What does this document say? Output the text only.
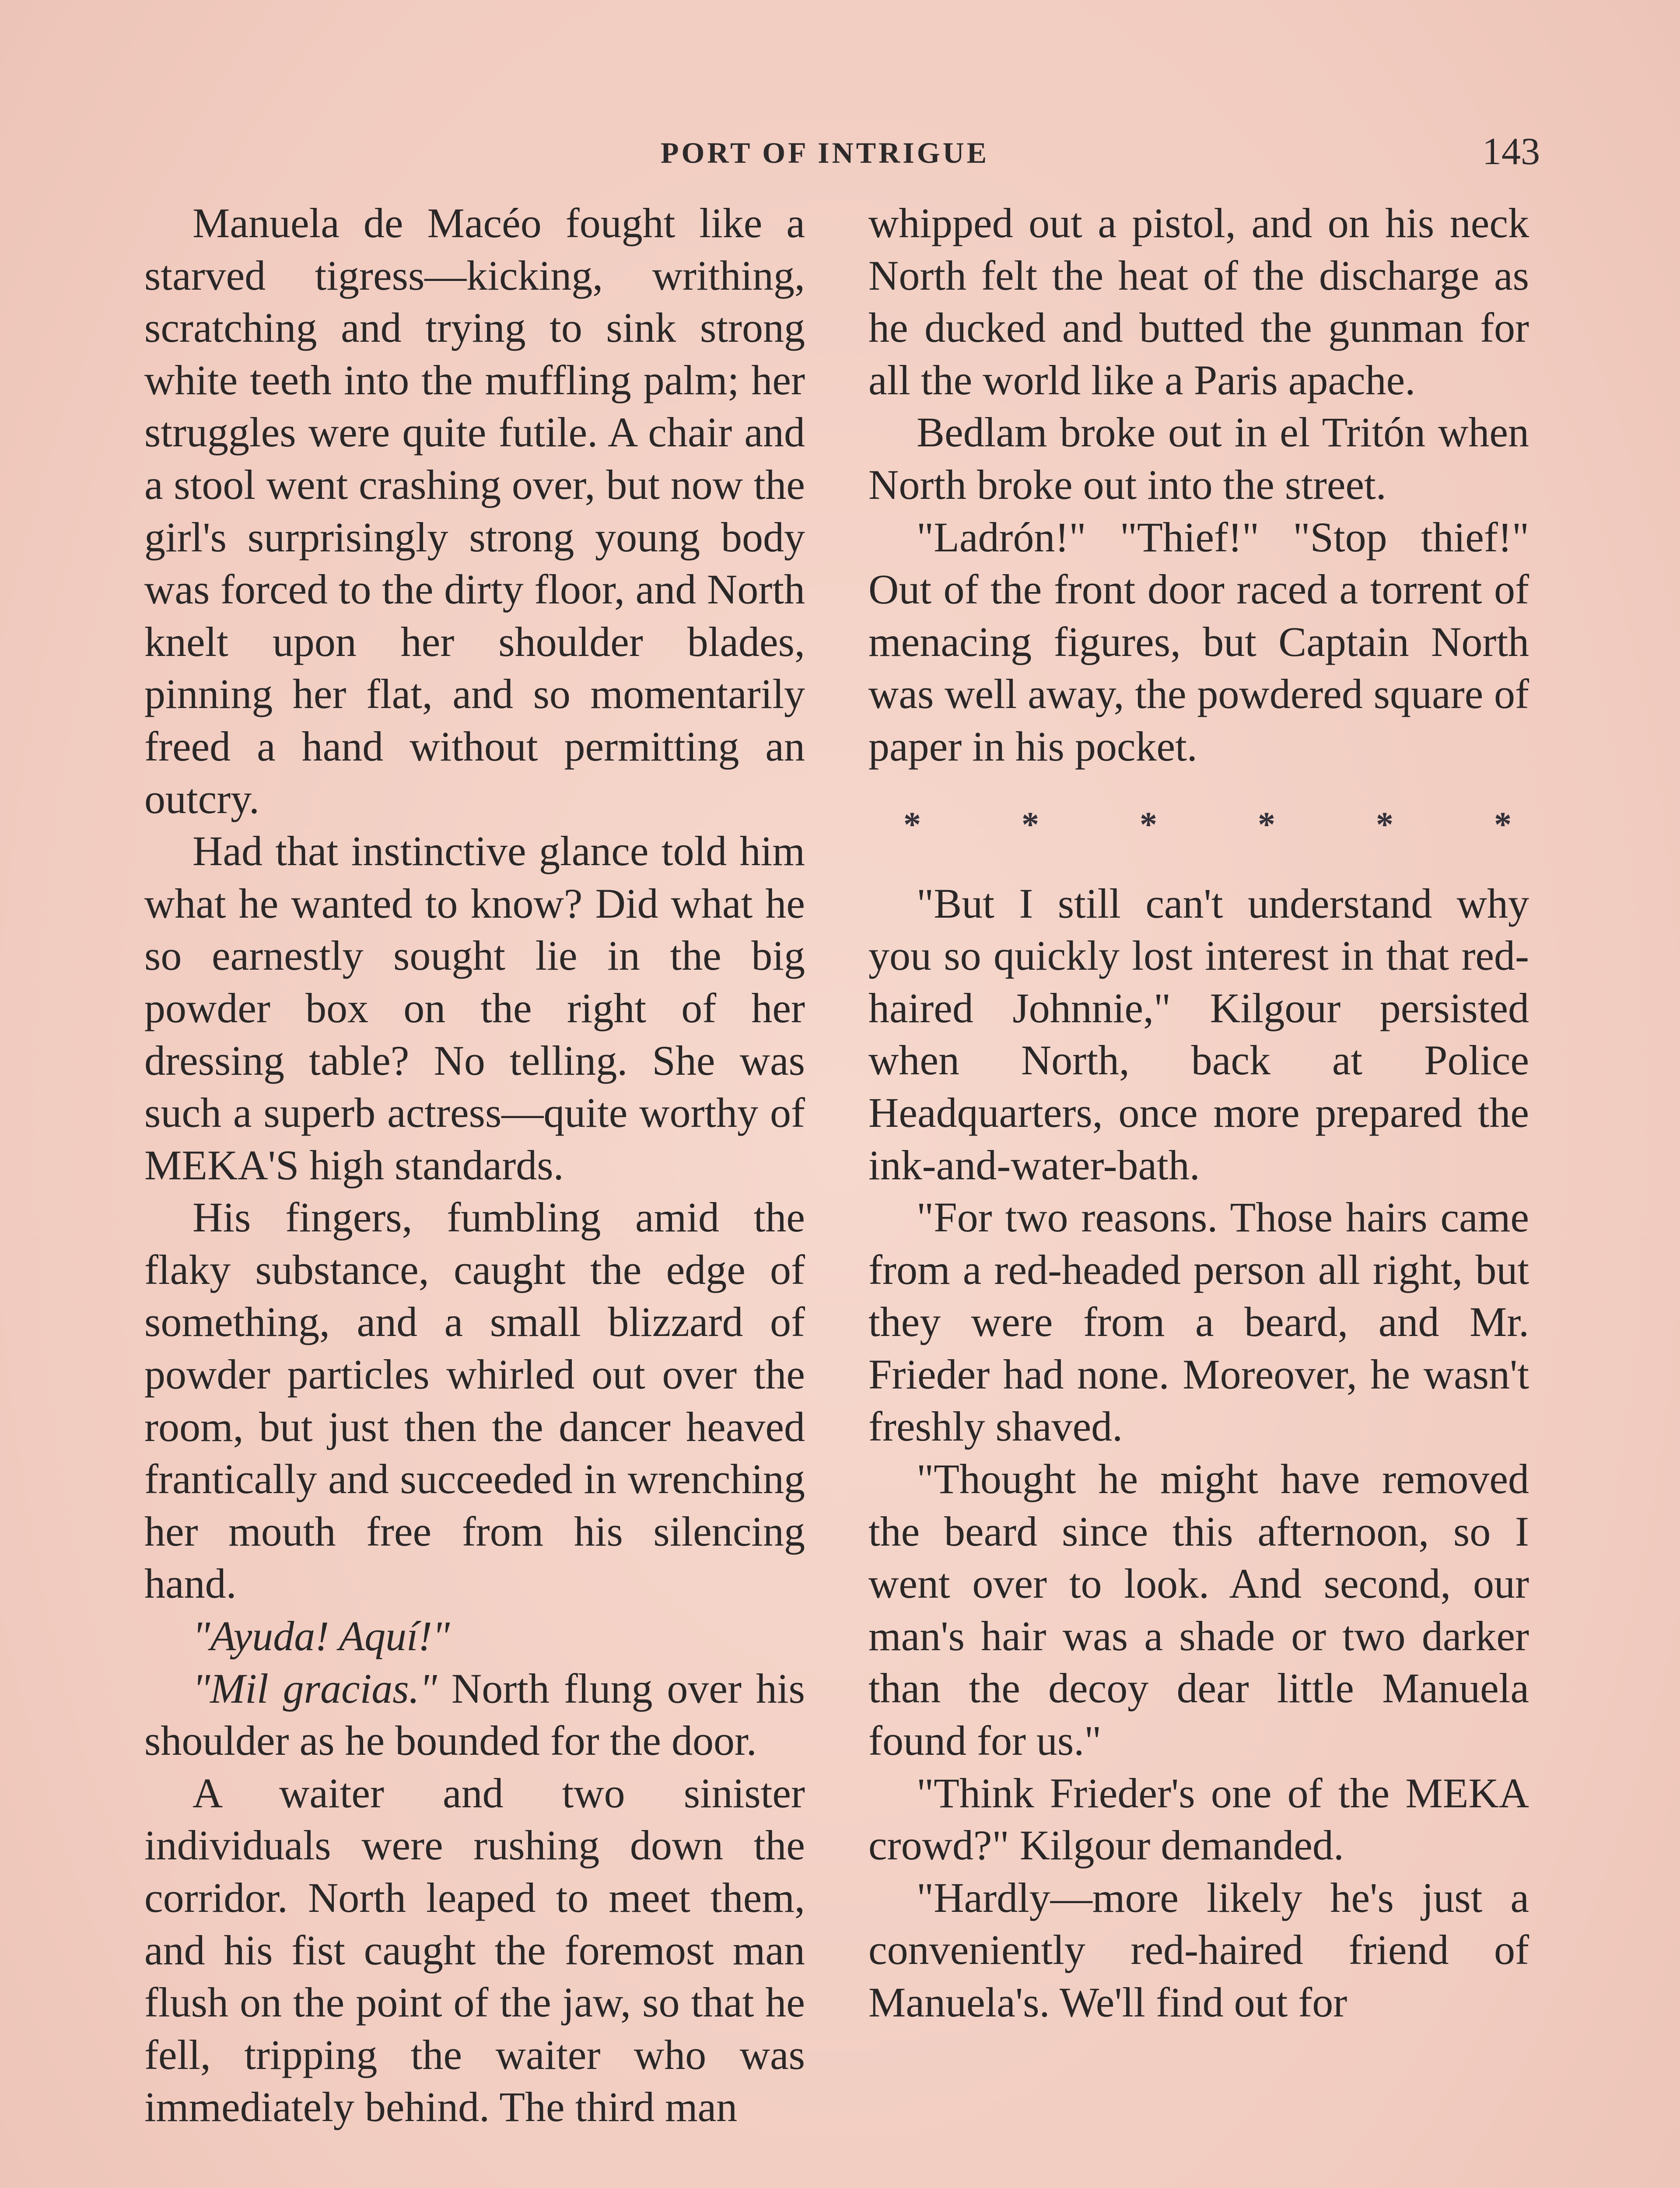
PORT OF INTRIGUE	143

Manuela de Macéo fought like a starved tigress—kicking, writhing, scratching and trying to sink strong white teeth into the muffling palm; her struggles were quite futile. A chair and a stool went crashing over, but now the girl's surprisingly strong young body was forced to the dirty floor, and North knelt upon her shoulder blades, pinning her flat, and so momentarily freed a hand without permitting an outcry.

Had that instinctive glance told him what he wanted to know? Did what he so earnestly sought lie in the big powder box on the right of her dressing table? No telling. She was such a superb actress—quite worthy of MEKA'S high standards.

His fingers, fumbling amid the flaky substance, caught the edge of something, and a small blizzard of powder particles whirled out over the room, but just then the dancer heaved frantically and succeeded in wrenching her mouth free from his silencing hand.

"Ayuda! Aquí!"

"Mil gracias." North flung over his shoulder as he bounded for the door.

A waiter and two sinister individuals were rushing down the corridor. North leaped to meet them, and his fist caught the foremost man flush on the point of the jaw, so that he fell, tripping the waiter who was immediately behind. The third man

whipped out a pistol, and on his neck North felt the heat of the discharge as he ducked and butted the gunman for all the world like a Paris apache.

Bedlam broke out in el Tritón when North broke out into the street.

"Ladrón!" "Thief!" "Stop thief!" Out of the front door raced a torrent of menacing figures, but Captain North was well away, the powdered square of paper in his pocket.

*	*	*	*	*	*

"But I still can't understand why you so quickly lost interest in that red-haired Johnnie," Kilgour persisted when North, back at Police Headquarters, once more prepared the ink-and-water-bath.

"For two reasons. Those hairs came from a red-headed person all right, but they were from a beard, and Mr. Frieder had none. Moreover, he wasn't freshly shaved.

"Thought he might have removed the beard since this afternoon, so I went over to look. And second, our man's hair was a shade or two darker than the decoy dear little Manuela found for us."

"Think Frieder's one of the MEKA crowd?" Kilgour demanded.

"Hardly—more likely he's just a conveniently red-haired friend of Manuela's. We'll find out for
